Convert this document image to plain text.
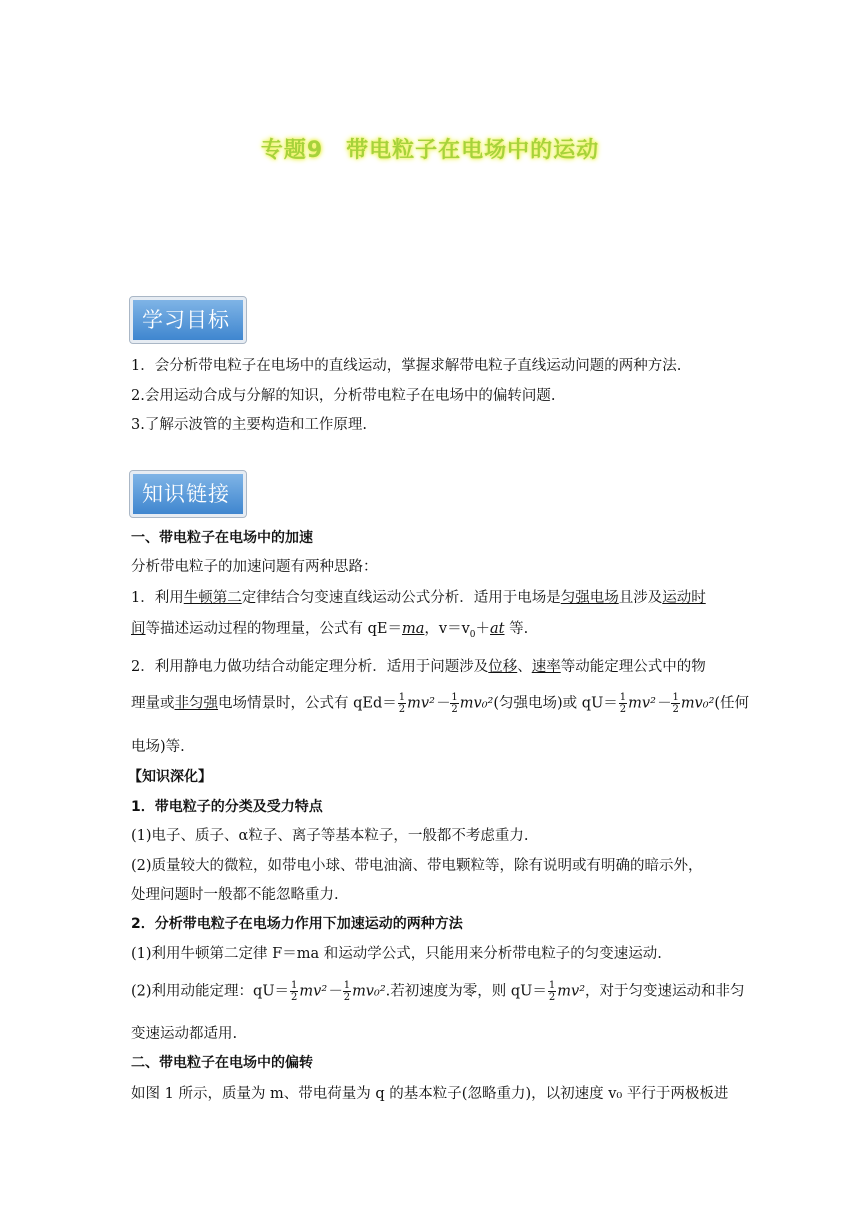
专题9　带电粒子在电场中的运动
学习目标
1．会分析带电粒子在电场中的直线运动，掌握求解带电粒子直线运动问题的两种方法.
2.会用运动合成与分解的知识，分析带电粒子在电场中的偏转问题.
3.了解示波管的主要构造和工作原理.
知识链接
一、带电粒子在电场中的加速
分析带电粒子的加速问题有两种思路：
1．利用牛顿第二定律结合匀变速直线运动公式分析．适用于电场是匀强电场且涉及运动时
间等描述运动过程的物理量，公式有 qE＝ma，$v=v_0+at$ 等.
2．利用静电力做功结合动能定理分析．适用于问题涉及位移、速率等动能定理公式中的物
理量或非匀强电场情景时，公式有 $qEd= \frac{1}{2} mv^2- \frac{1}{2} mv_0^2$(匀强电场)或 $qU= \frac{1}{2} mv^2- \frac{1}{2} mv_0^2$(任何
电场)等.
【知识深化】
1．带电粒子的分类及受力特点
(1)电子、质子、α粒子、离子等基本粒子，一般都不考虑重力.
(2)质量较大的微粒，如带电小球、带电油滴、带电颗粒等，除有说明或有明确的暗示外，
处理问题时一般都不能忽略重力.
2．分析带电粒子在电场力作用下加速运动的两种方法
(1)利用牛顿第二定律 F＝ma 和运动学公式，只能用来分析带电粒子的匀变速运动.
(2)利用动能定理：$qU= \frac{1}{2} mv^2- \frac{1}{2} mv_0^2$.若初速度为零，则 $qU= \frac{1}{2} mv^2$，对于匀变速运动和非匀
变速运动都适用.
二、带电粒子在电场中的偏转
如图 1 所示，质量为 m、带电荷量为 q 的基本粒子(忽略重力)，以初速度 v₀ 平行于两极板进
